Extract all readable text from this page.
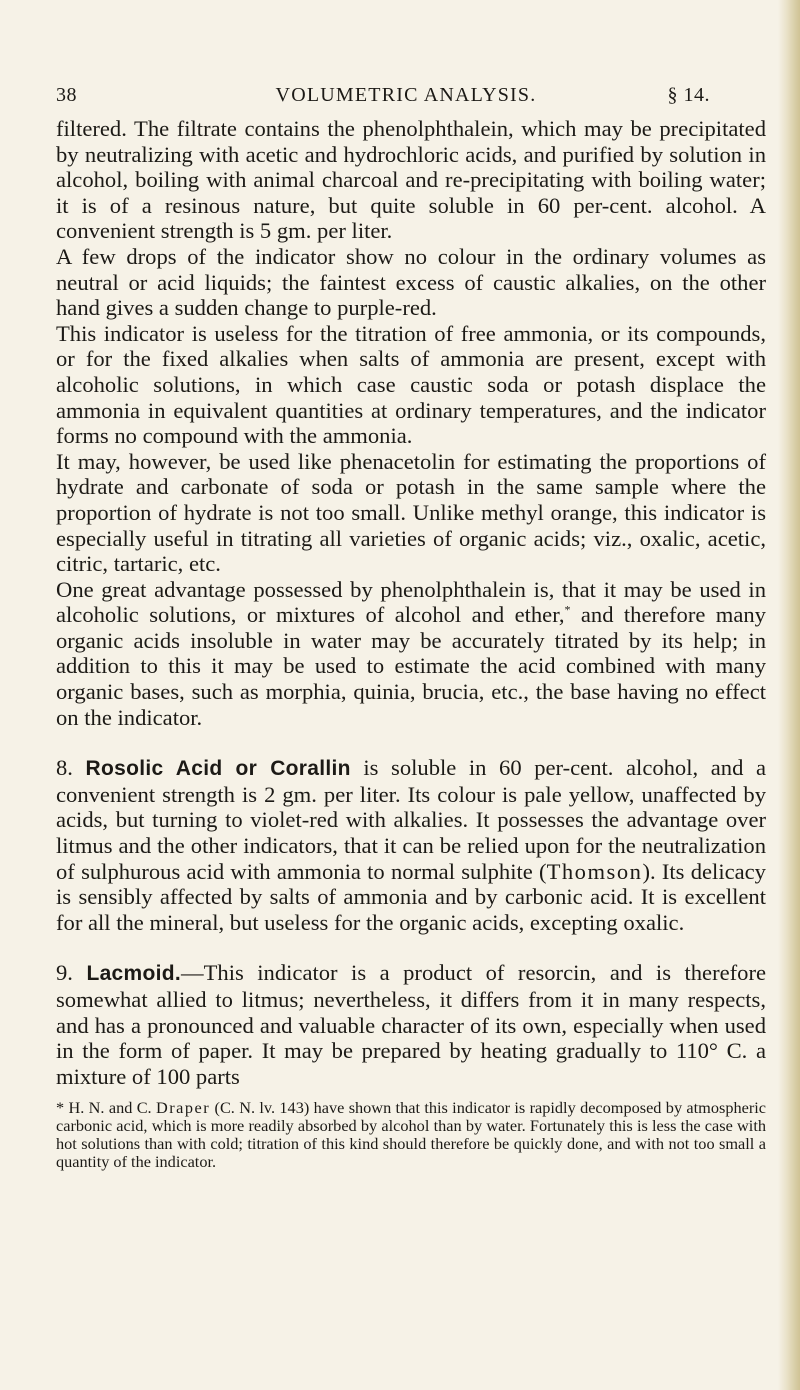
38	VOLUMETRIC ANALYSIS.	§ 14.

filtered. The filtrate contains the phenolphthalein, which may be precipitated by neutralizing with acetic and hydrochloric acids, and purified by solution in alcohol, boiling with animal charcoal and re-precipitating with boiling water; it is of a resinous nature, but quite soluble in 60 per-cent. alcohol. A convenient strength is 5 gm. per liter.

A few drops of the indicator show no colour in the ordinary volumes as neutral or acid liquids; the faintest excess of caustic alkalies, on the other hand gives a sudden change to purple-red.

This indicator is useless for the titration of free ammonia, or its compounds, or for the fixed alkalies when salts of ammonia are present, except with alcoholic solutions, in which case caustic soda or potash displace the ammonia in equivalent quantities at ordinary temperatures, and the indicator forms no compound with the ammonia.

It may, however, be used like phenacetolin for estimating the proportions of hydrate and carbonate of soda or potash in the same sample where the proportion of hydrate is not too small. Unlike methyl orange, this indicator is especially useful in titrating all varieties of organic acids; viz., oxalic, acetic, citric, tartaric, etc.

One great advantage possessed by phenolphthalein is, that it may be used in alcoholic solutions, or mixtures of alcohol and ether,* and therefore many organic acids insoluble in water may be accurately titrated by its help; in addition to this it may be used to estimate the acid combined with many organic bases, such as morphia, quinia, brucia, etc., the base having no effect on the indicator.

8. Rosolic Acid or Corallin is soluble in 60 per-cent. alcohol, and a convenient strength is 2 gm. per liter. Its colour is pale yellow, unaffected by acids, but turning to violet-red with alkalies. It possesses the advantage over litmus and the other indicators, that it can be relied upon for the neutralization of sulphurous acid with ammonia to normal sulphite (Thomson). Its delicacy is sensibly affected by salts of ammonia and by carbonic acid. It is excellent for all the mineral, but useless for the organic acids, excepting oxalic.

9. Lacmoid.—This indicator is a product of resorcin, and is therefore somewhat allied to litmus; nevertheless, it differs from it in many respects, and has a pronounced and valuable character of its own, especially when used in the form of paper. It may be prepared by heating gradually to 110° C. a mixture of 100 parts

* H. N. and C. Draper (C. N. lv. 143) have shown that this indicator is rapidly decomposed by atmospheric carbonic acid, which is more readily absorbed by alcohol than by water. Fortunately this is less the case with hot solutions than with cold; titration of this kind should therefore be quickly done, and with not too small a quantity of the indicator.
